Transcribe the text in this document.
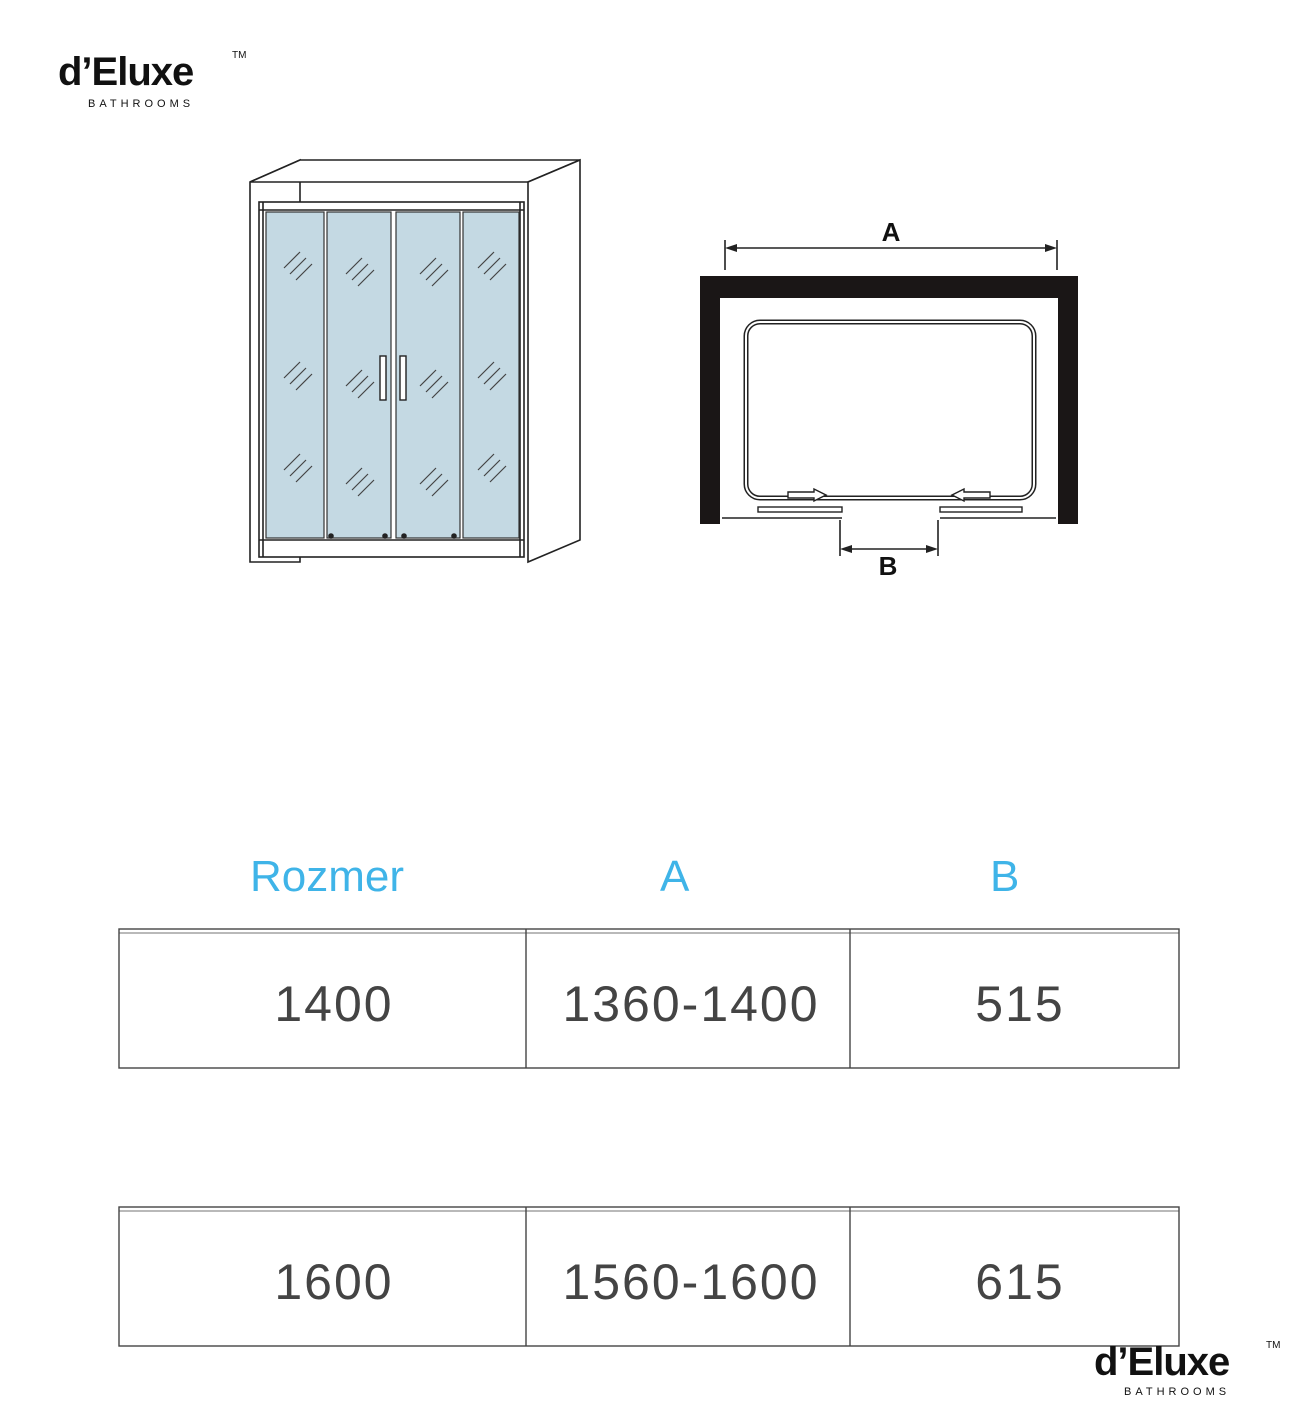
d’Eluxe	TM
BATHROOMS
A
B
Rozmer	A	B
1400	1360-1400	515
1600	1560-1600	615
d’Eluxe	TM
BATHROOMS
